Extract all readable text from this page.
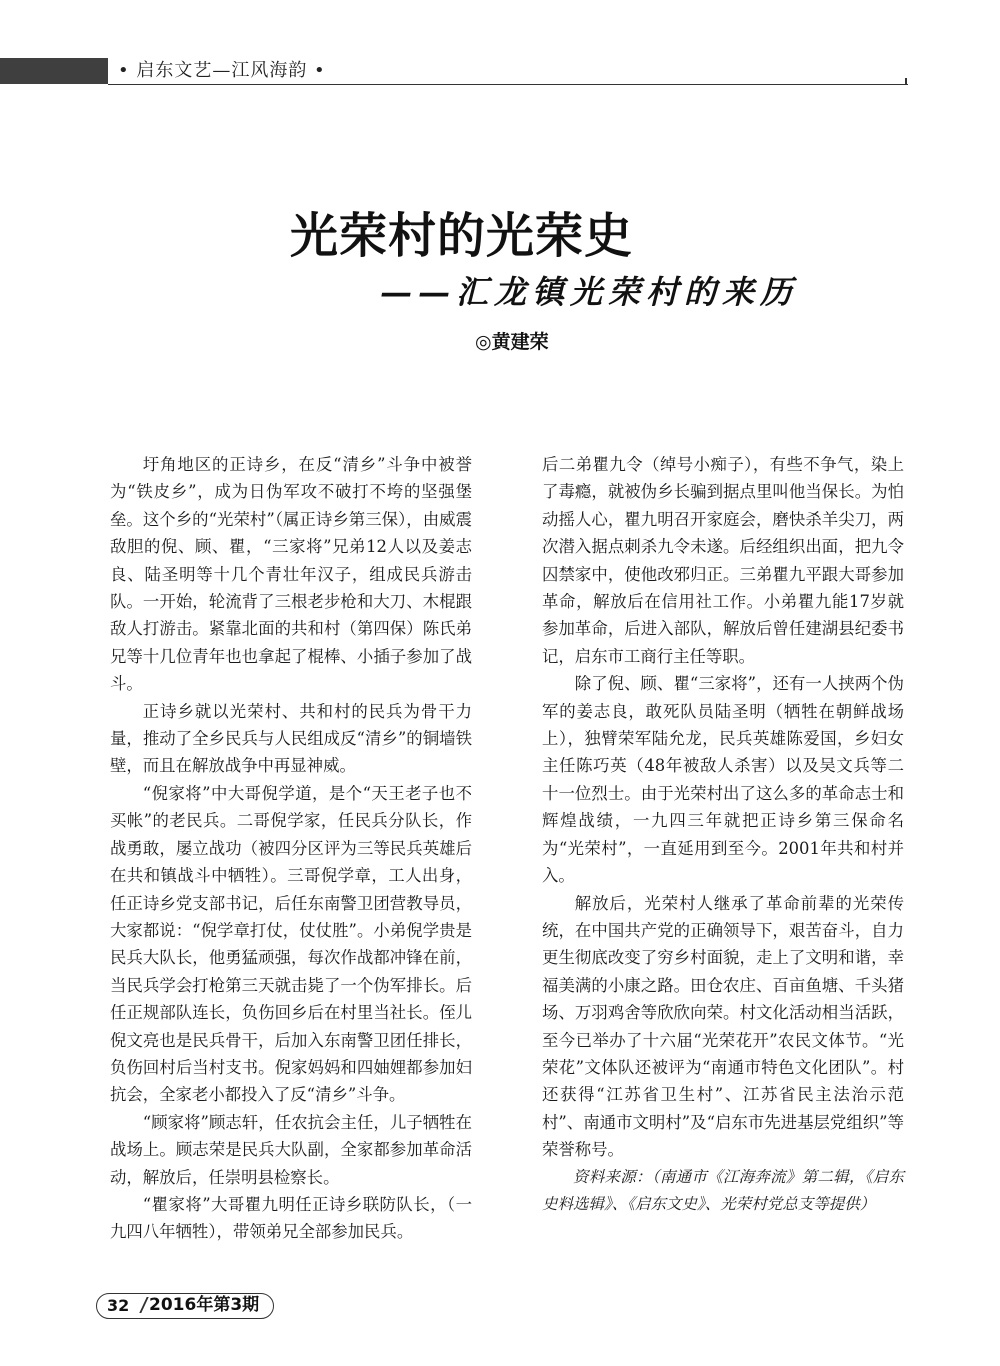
• 启东文艺—江风海韵 •
光荣村的光荣史
——汇龙镇光荣村的来历
◎黄建荣

圩角地区的正诗乡，在反“清乡”斗争中被誉为“铁皮乡”，成为日伪军攻不破打不垮的坚强堡垒。这个乡的“光荣村”（属正诗乡第三保），由威震敌胆的倪、顾、瞿，“三家将”兄弟12人以及姜志良、陆圣明等十几个青壮年汉子，组成民兵游击队。一开始，轮流背了三根老步枪和大刀、木棍跟敌人打游击。紧靠北面的共和村（第四保）陈氏弟兄等十几位青年也也拿起了棍棒、小插子参加了战斗。

正诗乡就以光荣村、共和村的民兵为骨干力量，推动了全乡民兵与人民组成反“清乡”的铜墙铁壁，而且在解放战争中再显神威。

“倪家将”中大哥倪学道，是个“天王老子也不买帐”的老民兵。二哥倪学家，任民兵分队长，作战勇敢，屡立战功（被四分区评为三等民兵英雄后在共和镇战斗中牺牲）。三哥倪学章，工人出身，任正诗乡党支部书记，后任东南警卫团营教导员，大家都说：“倪学章打仗，仗仗胜”。小弟倪学贵是民兵大队长，他勇猛顽强，每次作战都冲锋在前，当民兵学会打枪第三天就击毙了一个伪军排长。后任正规部队连长，负伤回乡后在村里当社长。侄儿倪文亮也是民兵骨干，后加入东南警卫团任排长，负伤回村后当村支书。倪家妈妈和四妯娌都参加妇抗会，全家老小都投入了反“清乡”斗争。

“顾家将”顾志轩，任农抗会主任，儿子牺牲在战场上。顾志荣是民兵大队副，全家都参加革命活动，解放后，任崇明县检察长。

“瞿家将”大哥瞿九明任正诗乡联防队长，（一九四八年牺牲），带领弟兄全部参加民兵。

后二弟瞿九令（绰号小痴子），有些不争气，染上了毒瘾，就被伪乡长骗到据点里叫他当保长。为怕动摇人心，瞿九明召开家庭会，磨快杀羊尖刀，两次潜入据点刺杀九令未遂。后经组织出面，把九令囚禁家中，使他改邪归正。三弟瞿九平跟大哥参加革命，解放后在信用社工作。小弟瞿九能17岁就参加革命，后进入部队，解放后曾任建湖县纪委书记，启东市工商行主任等职。

除了倪、顾、瞿“三家将”，还有一人挟两个伪军的姜志良，敢死队员陆圣明（牺牲在朝鲜战场上），独臂荣军陆允龙，民兵英雄陈爱国，乡妇女主任陈巧英（48年被敌人杀害）以及吴文兵等二十一位烈士。由于光荣村出了这么多的革命志士和辉煌战绩，一九四三年就把正诗乡第三保命名为“光荣村”，一直延用到至今。2001年共和村并入。

解放后，光荣村人继承了革命前辈的光荣传统，在中国共产党的正确领导下，艰苦奋斗，自力更生彻底改变了穷乡村面貌，走上了文明和谐，幸福美满的小康之路。田仓农庄、百亩鱼塘、千头猪场、万羽鸡舍等欣欣向荣。村文化活动相当活跃，至今已举办了十六届“光荣花开”农民文体节。“光荣花”文体队还被评为“南通市特色文化团队”。村还获得“江苏省卫生村”、江苏省民主法治示范村”、南通市文明村”及“启东市先进基层党组织”等荣誉称号。

资料来源：（南通市《江海奔流》第二辑，《启东史料选辑》、《启东文史》、光荣村党总支等提供）

32 2016年第3期
